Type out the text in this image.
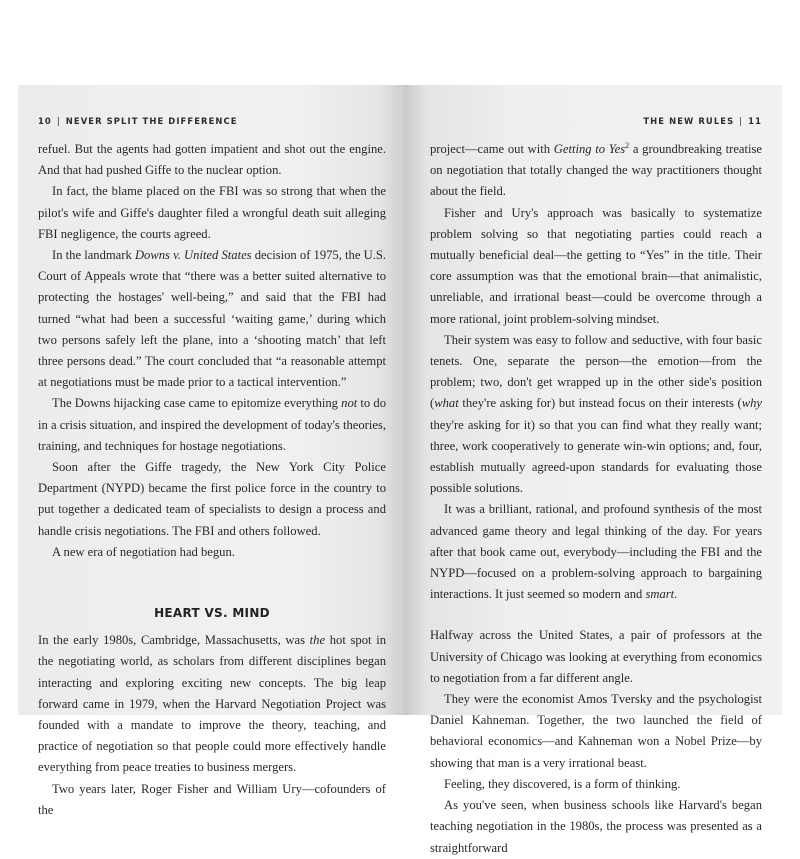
10 | NEVER SPLIT THE DIFFERENCE

refuel. But the agents had gotten impatient and shot out the engine. And that had pushed Giffe to the nuclear option.

In fact, the blame placed on the FBI was so strong that when the pilot's wife and Giffe's daughter filed a wrongful death suit alleging FBI negligence, the courts agreed.

In the landmark Downs v. United States decision of 1975, the U.S. Court of Appeals wrote that “there was a better suited alternative to protecting the hostages' well-being,” and said that the FBI had turned “what had been a successful ‘waiting game,’ during which two persons safely left the plane, into a ‘shooting match’ that left three persons dead.” The court concluded that “a reasonable attempt at negotiations must be made prior to a tactical intervention.”

The Downs hijacking case came to epitomize everything not to do in a crisis situation, and inspired the development of today's theories, training, and techniques for hostage negotiations.

Soon after the Giffe tragedy, the New York City Police Department (NYPD) became the first police force in the country to put together a dedicated team of specialists to design a process and handle crisis negotiations. The FBI and others followed.

A new era of negotiation had begun.

HEART VS. MIND

In the early 1980s, Cambridge, Massachusetts, was the hot spot in the negotiating world, as scholars from different disciplines began interacting and exploring exciting new concepts. The big leap forward came in 1979, when the Harvard Negotiation Project was founded with a mandate to improve the theory, teaching, and practice of negotiation so that people could more effectively handle everything from peace treaties to business mergers.

Two years later, Roger Fisher and William Ury—cofounders of the

THE NEW RULES | 11

project—came out with Getting to Yes$^2$ a groundbreaking treatise on negotiation that totally changed the way practitioners thought about the field.

Fisher and Ury's approach was basically to systematize problem solving so that negotiating parties could reach a mutually beneficial deal—the getting to “Yes” in the title. Their core assumption was that the emotional brain—that animalistic, unreliable, and irrational beast—could be overcome through a more rational, joint problem-solving mindset.

Their system was easy to follow and seductive, with four basic tenets. One, separate the person—the emotion—from the problem; two, don't get wrapped up in the other side's position (what they're asking for) but instead focus on their interests (why they're asking for it) so that you can find what they really want; three, work cooperatively to generate win-win options; and, four, establish mutually agreed-upon standards for evaluating those possible solutions.

It was a brilliant, rational, and profound synthesis of the most advanced game theory and legal thinking of the day. For years after that book came out, everybody—including the FBI and the NYPD—focused on a problem-solving approach to bargaining interactions. It just seemed so modern and smart.

Halfway across the United States, a pair of professors at the University of Chicago was looking at everything from economics to negotiation from a far different angle.

They were the economist Amos Tversky and the psychologist Daniel Kahneman. Together, the two launched the field of behavioral economics—and Kahneman won a Nobel Prize—by showing that man is a very irrational beast.

Feeling, they discovered, is a form of thinking.

As you've seen, when business schools like Harvard's began teaching negotiation in the 1980s, the process was presented as a straightforward
